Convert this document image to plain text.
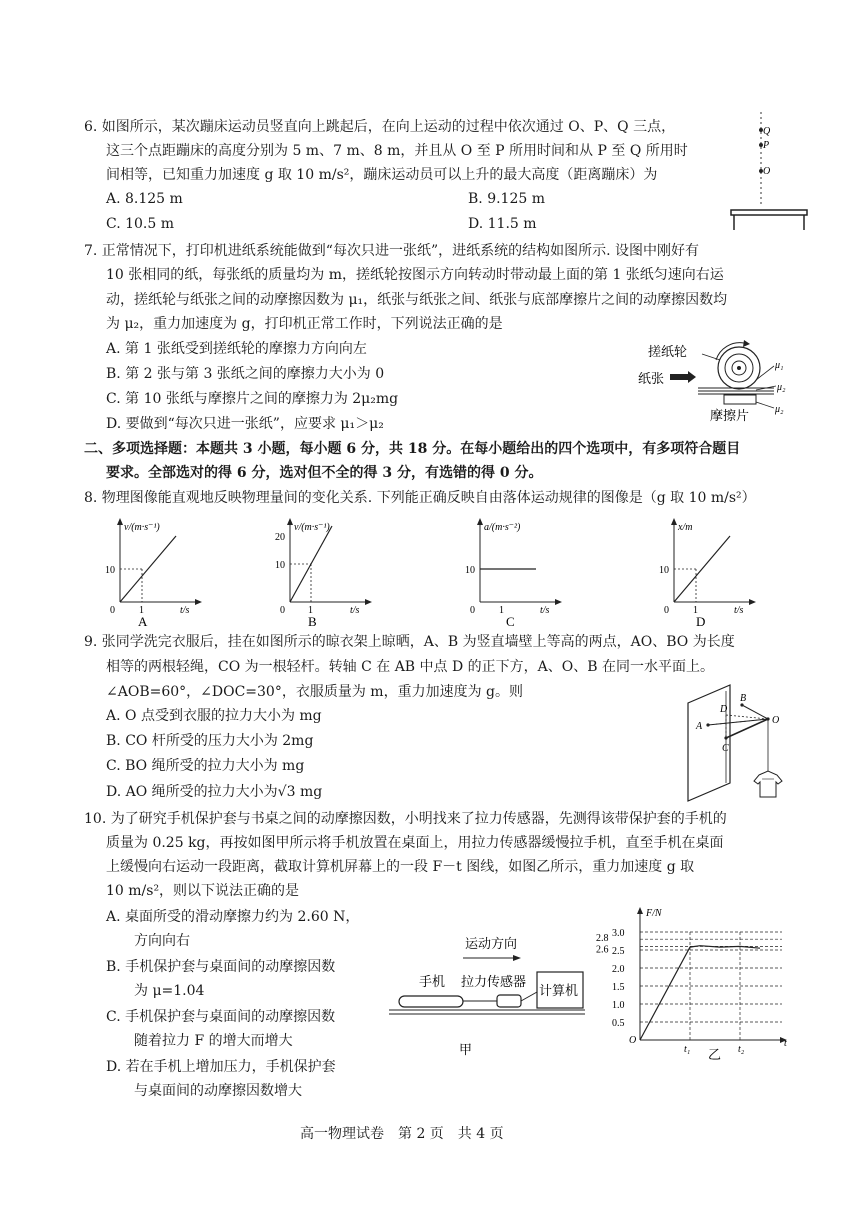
6. 如图所示，某次蹦床运动员竖直向上跳起后，在向上运动的过程中依次通过 O、P、Q 三点，
这三个点距蹦床的高度分别为 5 m、7 m、8 m，并且从 O 至 P 所用时间和从 P 至 Q 所用时
间相等，已知重力加速度 g 取 10 m/s²，蹦床运动员可以上升的最大高度（距离蹦床）为
A. 8.125 m	B. 9.125 m
C. 10.5 m	D. 11.5 m
Q
P
O
7. 正常情况下，打印机进纸系统能做到“每次只进一张纸”，进纸系统的结构如图所示. 设图中刚好有
10 张相同的纸，每张纸的质量均为 m，搓纸轮按图示方向转动时带动最上面的第 1 张纸匀速向右运
动，搓纸轮与纸张之间的动摩擦因数为 μ₁，纸张与纸张之间、纸张与底部摩擦片之间的动摩擦因数均
为 μ₂，重力加速度为 g，打印机正常工作时，下列说法正确的是
A. 第 1 张纸受到搓纸轮的摩擦力方向向左
B. 第 2 张与第 3 张纸之间的摩擦力大小为 0
C. 第 10 张纸与摩擦片之间的摩擦力为 2μ₂mg
D. 要做到“每次只进一张纸”，应要求 μ₁＞μ₂
搓纸轮
纸张
摩擦片
μ₁
μ₂
μ₂
二、多项选择题：本题共 3 小题，每小题 6 分，共 18 分。在每小题给出的四个选项中，有多项符合题目
要求。全部选对的得 6 分，选对但不全的得 3 分，有选错的得 0 分。
8. 物理图像能直观地反映物理量间的变化关系. 下列能正确反映自由落体运动规律的图像是（g 取 10 m/s²）
v/(m·s⁻¹)
10
0 1	t/s
A
v/(m·s⁻¹)
20
10
0 1	t/s
B
a/(m·s⁻²)
10
0 1	t/s
C
x/m
10
0 1	t/s
D
9. 张同学洗完衣服后，挂在如图所示的晾衣架上晾晒，A、B 为竖直墙壁上等高的两点，AO、BO 为长度
相等的两根轻绳，CO 为一根轻杆。转轴 C 在 AB 中点 D 的正下方，A、O、B 在同一水平面上。
∠AOB=60°，∠DOC=30°，衣服质量为 m，重力加速度为 g。则
A. O 点受到衣服的拉力大小为 mg
B. CO 杆所受的压力大小为 2mg
C. BO 绳所受的拉力大小为 mg
D. AO 绳所受的拉力大小为√3 mg
A
B
D
C
O
10. 为了研究手机保护套与书桌之间的动摩擦因数，小明找来了拉力传感器，先测得该带保护套的手机的
质量为 0.25 kg，再按如图甲所示将手机放置在桌面上，用拉力传感器缓慢拉手机，直至手机在桌面
上缓慢向右运动一段距离，截取计算机屏幕上的一段 F－t 图线，如图乙所示，重力加速度 g 取
10 m/s²，则以下说法正确的是
A. 桌面所受的滑动摩擦力约为 2.60 N，
方向向右
B. 手机保护套与桌面间的动摩擦因数
为 μ=1.04
C. 手机保护套与桌面间的动摩擦因数
随着拉力 F 的增大而增大
D. 若在手机上增加压力，手机保护套
与桌面间的动摩擦因数增大
运动方向
手机 拉力传感器
计算机
甲
3.0
2.8
2.6 2.5
2.0
1.5
1.0
0.5
F/N
O	t
t₁	t₂
乙
高一物理试卷　第 2 页　共 4 页
